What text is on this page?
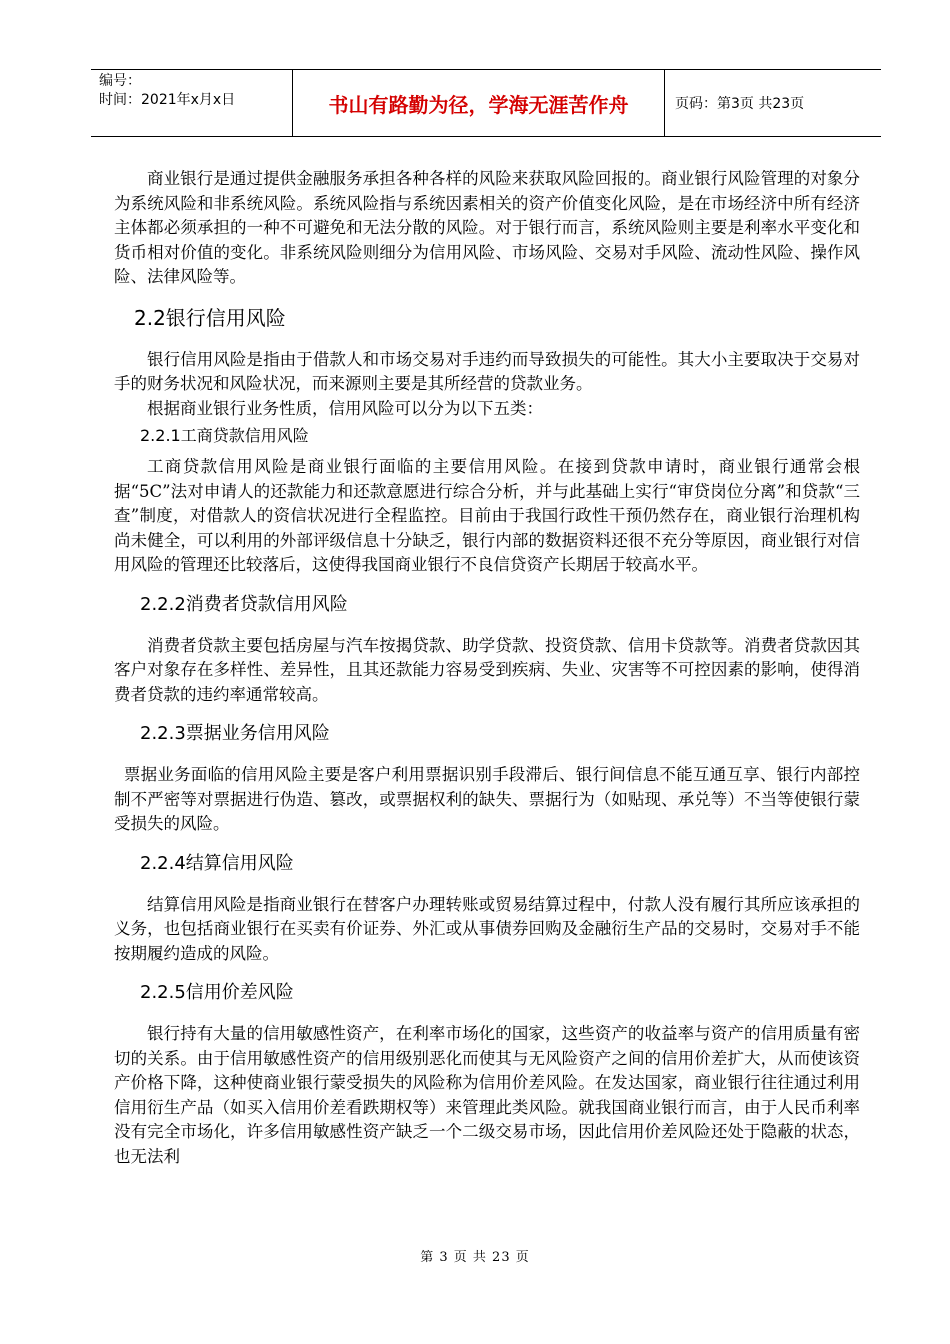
编号：
时间：2021年x月x日	书山有路勤为径，学海无涯苦作舟	页码：第3页 共23页

商业银行是通过提供金融服务承担各种各样的风险来获取风险回报的。商业银行风险管理的对象分为系统风险和非系统风险。系统风险指与系统因素相关的资产价值变化风险，是在市场经济中所有经济主体都必须承担的一种不可避免和无法分散的风险。对于银行而言，系统风险则主要是利率水平变化和货币相对价值的变化。非系统风险则细分为信用风险、市场风险、交易对手风险、流动性风险、操作风险、法律风险等。

2.2银行信用风险

银行信用风险是指由于借款人和市场交易对手违约而导致损失的可能性。其大小主要取决于交易对手的财务状况和风险状况，而来源则主要是其所经营的贷款业务。

根据商业银行业务性质，信用风险可以分为以下五类：

2.2.1工商贷款信用风险

工商贷款信用风险是商业银行面临的主要信用风险。在接到贷款申请时，商业银行通常会根据“5C”法对申请人的还款能力和还款意愿进行综合分析，并与此基础上实行“审贷岗位分离”和贷款“三查”制度，对借款人的资信状况进行全程监控。目前由于我国行政性干预仍然存在，商业银行治理机构尚未健全，可以利用的外部评级信息十分缺乏，银行内部的数据资料还很不充分等原因，商业银行对信用风险的管理还比较落后，这使得我国商业银行不良信贷资产长期居于较高水平。

2.2.2消费者贷款信用风险

消费者贷款主要包括房屋与汽车按揭贷款、助学贷款、投资贷款、信用卡贷款等。消费者贷款因其客户对象存在多样性、差异性，且其还款能力容易受到疾病、失业、灾害等不可控因素的影响，使得消费者贷款的违约率通常较高。

2.2.3票据业务信用风险

票据业务面临的信用风险主要是客户利用票据识别手段滞后、银行间信息不能互通互享、银行内部控制不严密等对票据进行伪造、篡改，或票据权利的缺失、票据行为（如贴现、承兑等）不当等使银行蒙受损失的风险。

2.2.4结算信用风险

结算信用风险是指商业银行在替客户办理转账或贸易结算过程中，付款人没有履行其所应该承担的义务，也包括商业银行在买卖有价证券、外汇或从事债券回购及金融衍生产品的交易时，交易对手不能按期履约造成的风险。

2.2.5信用价差风险

银行持有大量的信用敏感性资产，在利率市场化的国家，这些资产的收益率与资产的信用质量有密切的关系。由于信用敏感性资产的信用级别恶化而使其与无风险资产之间的信用价差扩大，从而使该资产价格下降，这种使商业银行蒙受损失的风险称为信用价差风险。在发达国家，商业银行往往通过利用信用衍生产品（如买入信用价差看跌期权等）来管理此类风险。就我国商业银行而言，由于人民币利率没有完全市场化，许多信用敏感性资产缺乏一个二级交易市场，因此信用价差风险还处于隐蔽的状态，也无法利

第 3 页 共 23 页
